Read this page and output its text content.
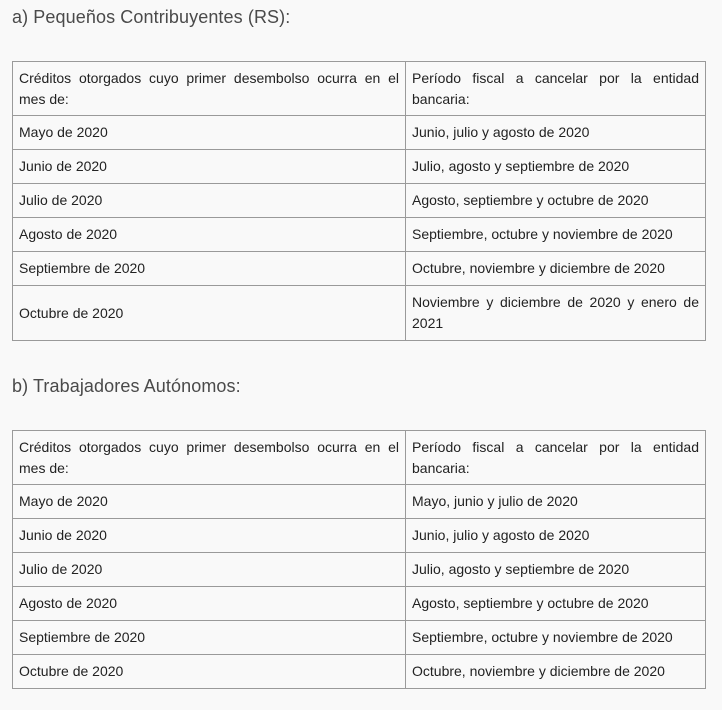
a) Pequeños Contribuyentes (RS):
Créditos otorgados cuyo primer desembolso ocurra en el mes de:	Período fiscal a cancelar por la entidad bancaria:
Mayo de 2020	Junio, julio y agosto de 2020
Junio de 2020	Julio, agosto y septiembre de 2020
Julio de 2020	Agosto, septiembre y octubre de 2020
Agosto de 2020	Septiembre, octubre y noviembre de 2020
Septiembre de 2020	Octubre, noviembre y diciembre de 2020
Octubre de 2020	Noviembre y diciembre de 2020 y enero de 2021
b) Trabajadores Autónomos:
Créditos otorgados cuyo primer desembolso ocurra en el mes de:	Período fiscal a cancelar por la entidad bancaria:
Mayo de 2020	Mayo, junio y julio de 2020
Junio de 2020	Junio, julio y agosto de 2020
Julio de 2020	Julio, agosto y septiembre de 2020
Agosto de 2020	Agosto, septiembre y octubre de 2020
Septiembre de 2020	Septiembre, octubre y noviembre de 2020
Octubre de 2020	Octubre, noviembre y diciembre de 2020
